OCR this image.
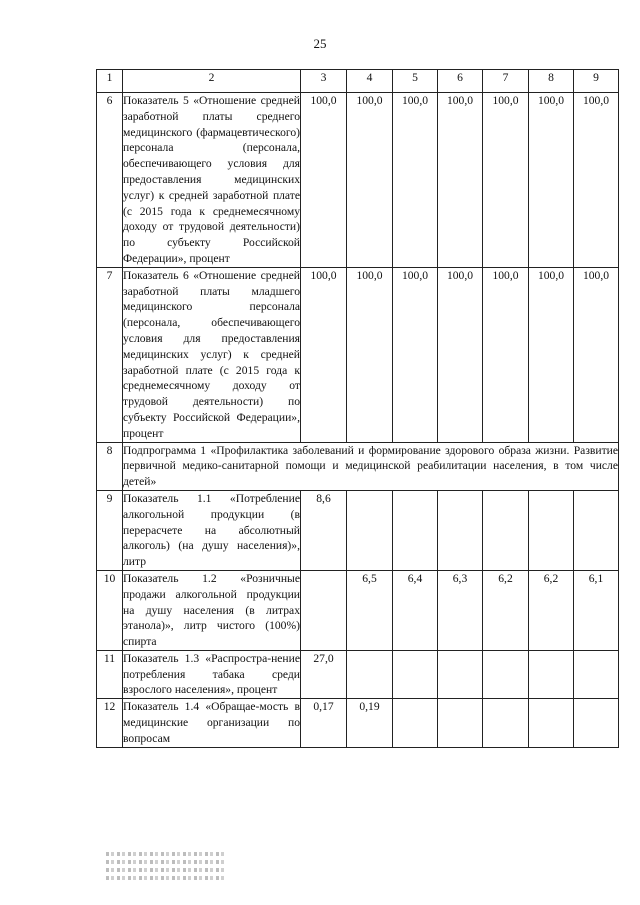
25
1	2	3	4	5	6	7	8	9
6	Показатель 5 «Отношение средней заработной платы среднего медицинского (фармацевтического) персонала (персонала, обеспечивающего условия для предоставления медицинских услуг) к средней заработной плате (с 2015 года к среднемесячному доходу от трудовой деятельности) по субъекту Российской Федерации», процент	100,0	100,0	100,0	100,0	100,0	100,0	100,0
7	Показатель 6 «Отношение средней заработной платы младшего медицинского персонала (персонала, обеспечивающего условия для предоставления медицинских услуг) к средней заработной плате (с 2015 года к среднемесячному доходу от трудовой деятельности) по субъекту Российской Федерации», процент	100,0	100,0	100,0	100,0	100,0	100,0	100,0
8	Подпрограмма 1 «Профилактика заболеваний и формирование здорового образа жизни. Развитие первичной медико-санитарной помощи и медицинской реабилитации населения, в том числе детей»							
9	Показатель 1.1 «Потребление алкогольной продукции (в перерасчете на абсолютный алкоголь) (на душу населения)», литр	8,6						
10	Показатель 1.2 «Розничные продажи алкогольной продукции на душу населения (в литрах этанола)», литр чистого (100%) спирта		6,5	6,4	6,3	6,2	6,2	6,1
11	Показатель 1.3 «Распростра-нение потребления табака среди взрослого населения», процент	27,0						
12	Показатель 1.4 «Обращае-мость в медицинские организации по вопросам	0,17	0,19					
